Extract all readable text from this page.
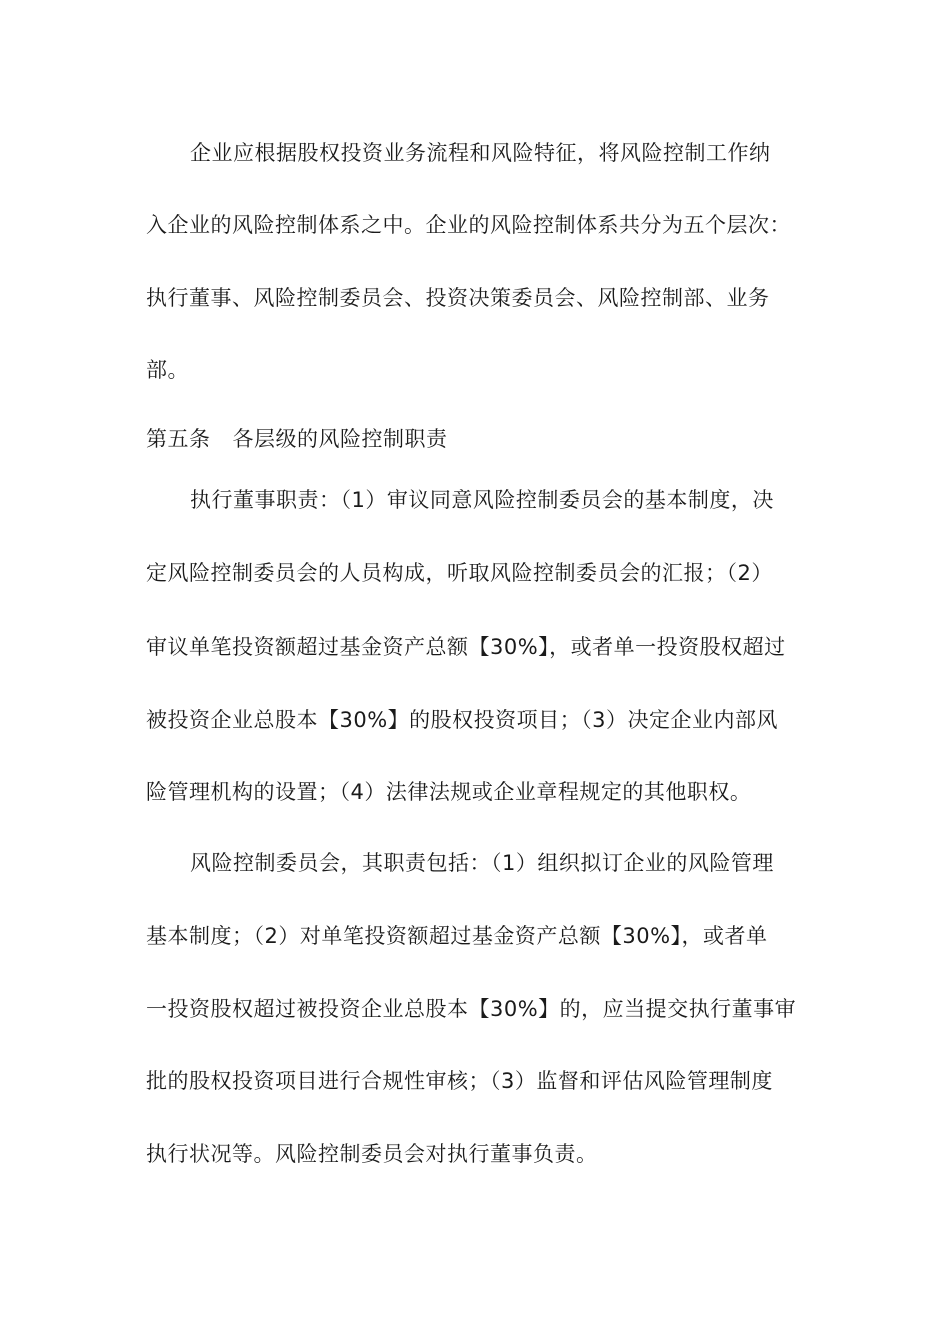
企业应根据股权投资业务流程和风险特征，将风险控制工作纳
入企业的风险控制体系之中。企业的风险控制体系共分为五个层次：
执行董事、风险控制委员会、投资决策委员会、风险控制部、业务
部。
第五条 各层级的风险控制职责
执行董事职责：（1）审议同意风险控制委员会的基本制度，决
定风险控制委员会的人员构成，听取风险控制委员会的汇报；（2）
审议单笔投资额超过基金资产总额【30%】，或者单一投资股权超过
被投资企业总股本【30%】的股权投资项目；（3）决定企业内部风
险管理机构的设置；（4）法律法规或企业章程规定的其他职权。
风险控制委员会，其职责包括：（1）组织拟订企业的风险管理
基本制度；（2）对单笔投资额超过基金资产总额【30%】，或者单
一投资股权超过被投资企业总股本【30%】的，应当提交执行董事审
批的股权投资项目进行合规性审核；（3）监督和评估风险管理制度
执行状况等。风险控制委员会对执行董事负责。
